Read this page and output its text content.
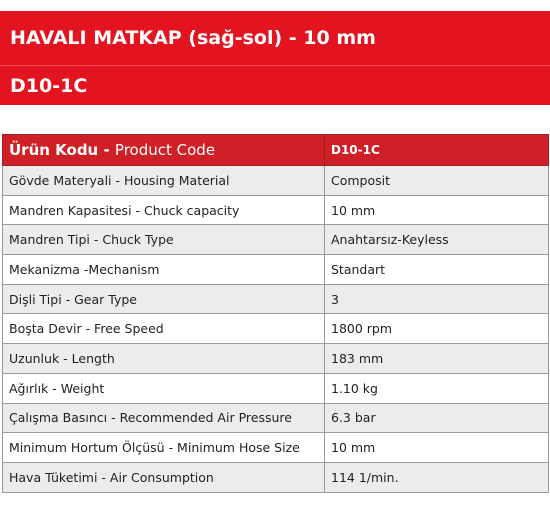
HAVALI MATKAP (sağ-sol) - 10 mm
D10-1C
Ürün Kodu - Product Code	D10-1C
Gövde Materyali - Housing Material	Composit
Mandren Kapasitesi - Chuck capacity	10 mm
Mandren Tipi - Chuck Type	Anahtarsız-Keyless
Mekanizma -Mechanism	Standart
Dişli Tipi - Gear Type	3
Boşta Devir - Free Speed	1800 rpm
Uzunluk - Length	183 mm
Ağırlık - Weight	1.10 kg
Çalışma Basıncı - Recommended Air Pressure	6.3 bar
Minimum Hortum Ölçüsü - Minimum Hose Size	10 mm
Hava Tüketimi - Air Consumption	114 1/min.
